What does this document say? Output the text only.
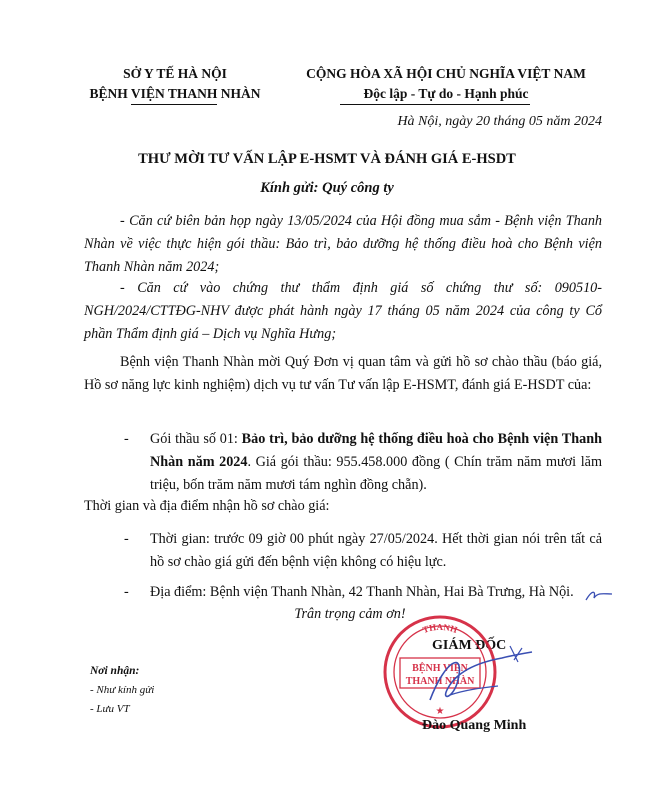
SỞ Y TẾ HÀ NỘI
BỆNH VIỆN THANH NHÀN
CỘNG HÒA XÃ HỘI CHỦ NGHĨA VIỆT NAM
Độc lập - Tự do - Hạnh phúc
Hà Nội, ngày 20 tháng 05 năm 2024
THƯ MỜI TƯ VẤN LẬP E-HSMT VÀ ĐÁNH GIÁ E-HSDT
Kính gửi: Quý công ty
- Căn cứ biên bản họp ngày 13/05/2024 của Hội đồng mua sắm - Bệnh viện Thanh Nhàn về việc thực hiện gói thầu: Bảo trì, bảo dưỡng hệ thống điều hoà cho Bệnh viện Thanh Nhàn năm 2024;
- Căn cứ vào chứng thư thẩm định giá số chứng thư số: 090510-NGH/2024/CTTĐG-NHV được phát hành ngày 17 tháng 05 năm 2024 của công ty Cổ phần Thẩm định giá – Dịch vụ Nghĩa Hưng;
Bệnh viện Thanh Nhàn mời Quý Đơn vị quan tâm và gửi hồ sơ chào thầu (báo giá, Hồ sơ năng lực kinh nghiệm) dịch vụ tư vấn Tư vấn lập E-HSMT, đánh giá E-HSDT của:
- Gói thầu số 01: Bảo trì, bảo dưỡng hệ thống điều hoà cho Bệnh viện Thanh Nhàn năm 2024. Giá gói thầu: 955.458.000 đồng ( Chín trăm năm mươi lăm triệu, bốn trăm năm mươi tám nghìn đồng chẵn).
Thời gian và địa điểm nhận hồ sơ chào giá:
- Thời gian: trước 09 giờ 00 phút ngày 27/05/2024. Hết thời gian nói trên tất cả hồ sơ chào giá gửi đến bệnh viện không có hiệu lực.
- Địa điểm: Bệnh viện Thanh Nhàn, 42 Thanh Nhàn, Hai Bà Trưng, Hà Nội.
Trân trọng cảm ơn!
Nơi nhận:
- Như kính gửi
- Lưu VT
GIÁM ĐỐC
THANH
BỆNH VIỆN
THANH NHÀN
★
Đào Quang Minh
